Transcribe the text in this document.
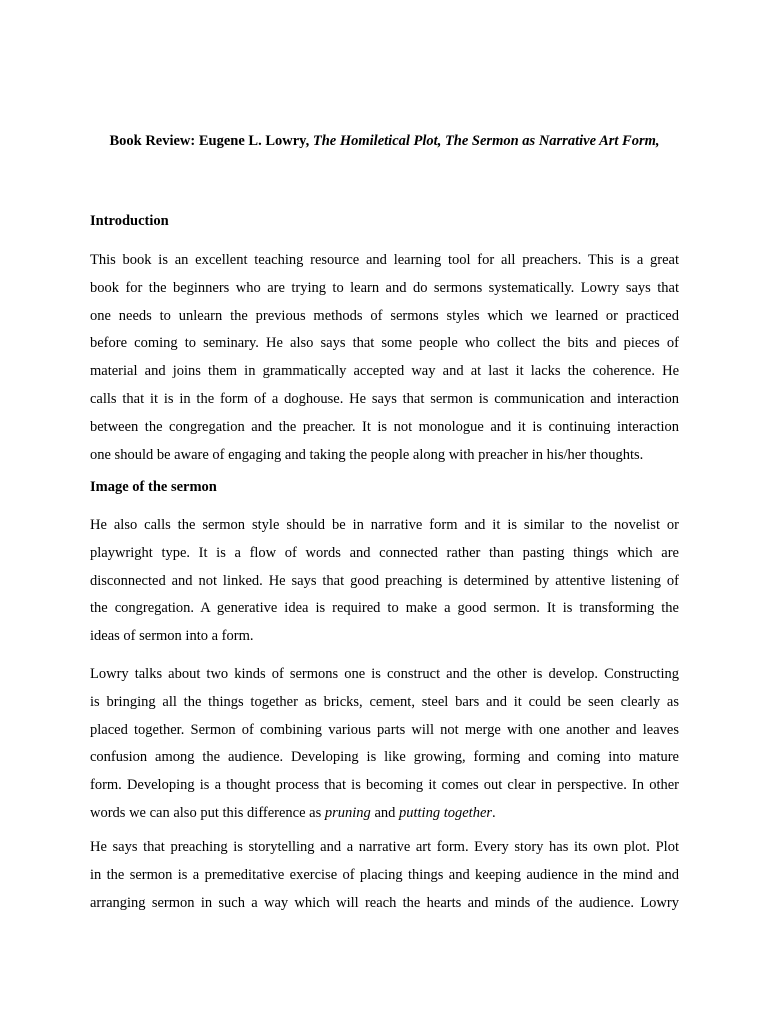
Book Review: Eugene L. Lowry, The Homiletical Plot, The Sermon as Narrative Art Form,
Introduction
This book is an excellent teaching resource and learning tool for all preachers. This is a great
book for the beginners who are trying to learn and do sermons systematically. Lowry says that
one needs to unlearn the previous methods of sermons styles which we learned or practiced
before coming to seminary. He also says that some people who collect the bits and pieces of
material and joins them in grammatically accepted way and at last it lacks the coherence. He
calls that it is in the form of a doghouse. He says that sermon is communication and interaction
between the congregation and the preacher. It is not monologue and it is continuing interaction
one should be aware of engaging and taking the people along with preacher in his/her thoughts.
Image of the sermon
He also calls the sermon style should be in narrative form and it is similar to the novelist or
playwright type. It is a flow of words and connected rather than pasting things which are
disconnected and not linked. He says that good preaching is determined by attentive listening of
the congregation. A generative idea is required to make a good sermon. It is transforming the
ideas of sermon into a form.
Lowry talks about two kinds of sermons one is construct and the other is develop. Constructing
is bringing all the things together as bricks, cement, steel bars and it could be seen clearly as
placed together. Sermon of combining various parts will not merge with one another and leaves
confusion among the audience. Developing is like growing, forming and coming into mature
form. Developing is a thought process that is becoming it comes out clear in perspective. In other
words we can also put this difference as pruning and putting together.
He says that preaching is storytelling and a narrative art form. Every story has its own plot. Plot
in the sermon is a premeditative exercise of placing things and keeping audience in the mind and
arranging sermon in such a way which will reach the hearts and minds of the audience. Lowry
